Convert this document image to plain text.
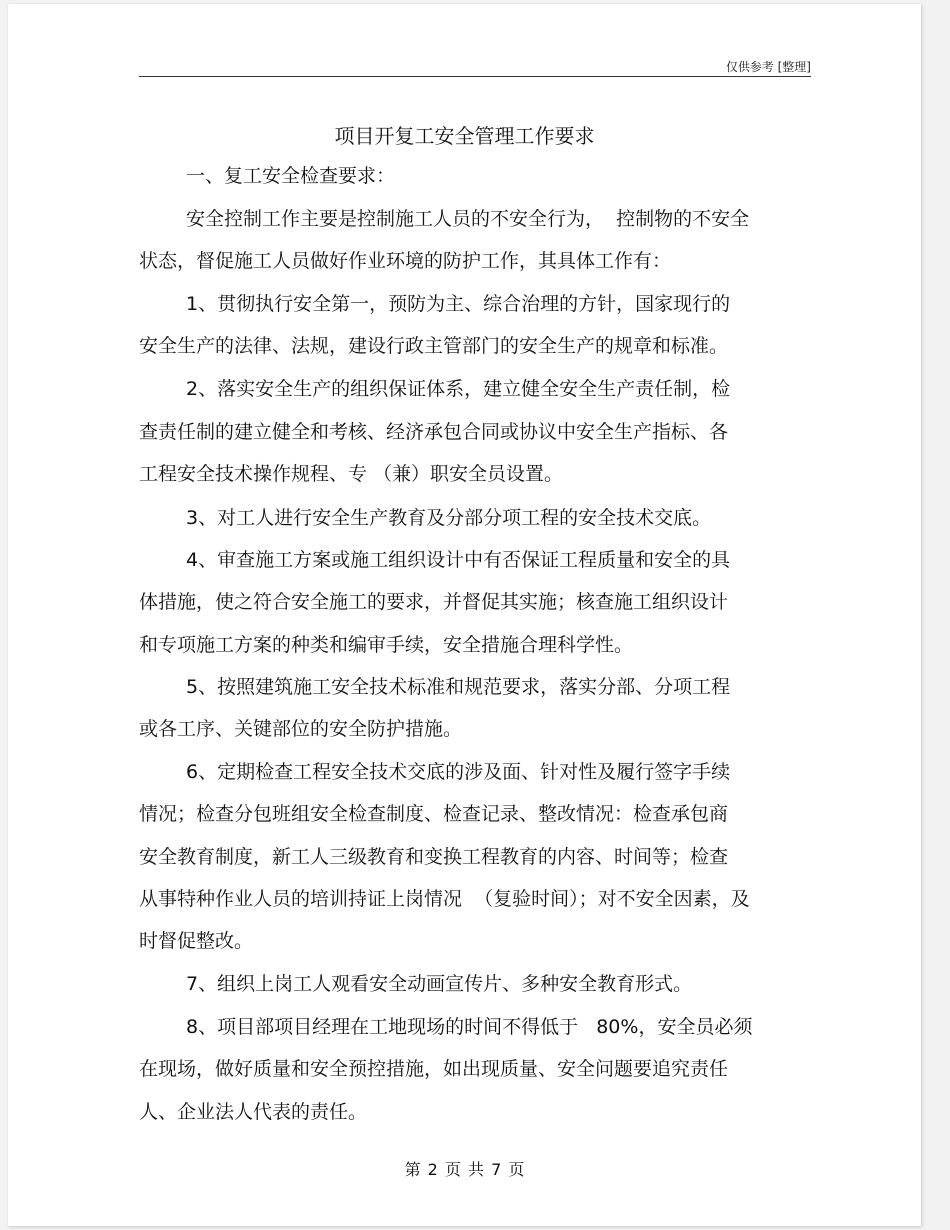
仅供参考 [整理]
项目开复工安全管理工作要求
一、复工安全检查要求：
安全控制工作主要是控制施工人员的不安全行为，  控制物的不安全
状态，督促施工人员做好作业环境的防护工作，其具体工作有：
1、贯彻执行安全第一，预防为主、综合治理的方针，国家现行的
安全生产的法律、法规，建设行政主管部门的安全生产的规章和标准。
2、落实安全生产的组织保证体系，建立健全安全生产责任制，检
查责任制的建立健全和考核、经济承包合同或协议中安全生产指标、各
工程安全技术操作规程、专 （兼）职安全员设置。
3、对工人进行安全生产教育及分部分项工程的安全技术交底。
4、审查施工方案或施工组织设计中有否保证工程质量和安全的具
体措施，使之符合安全施工的要求，并督促其实施；核查施工组织设计
和专项施工方案的种类和编审手续，安全措施合理科学性。
5、按照建筑施工安全技术标准和规范要求，落实分部、分项工程
或各工序、关键部位的安全防护措施。
6、定期检查工程安全技术交底的涉及面、针对性及履行签字手续
情况；检查分包班组安全检查制度、检查记录、整改情况：检查承包商
安全教育制度，新工人三级教育和变换工程教育的内容、时间等；检查
从事特种作业人员的培训持证上岗情况  （复验时间）；对不安全因素，及
时督促整改。
7、组织上岗工人观看安全动画宣传片、多种安全教育形式。
8、项目部项目经理在工地现场的时间不得低于   80%，安全员必须
在现场，做好质量和安全预控措施，如出现质量、安全问题要追究责任
人、企业法人代表的责任。
第 2 页 共 7 页
